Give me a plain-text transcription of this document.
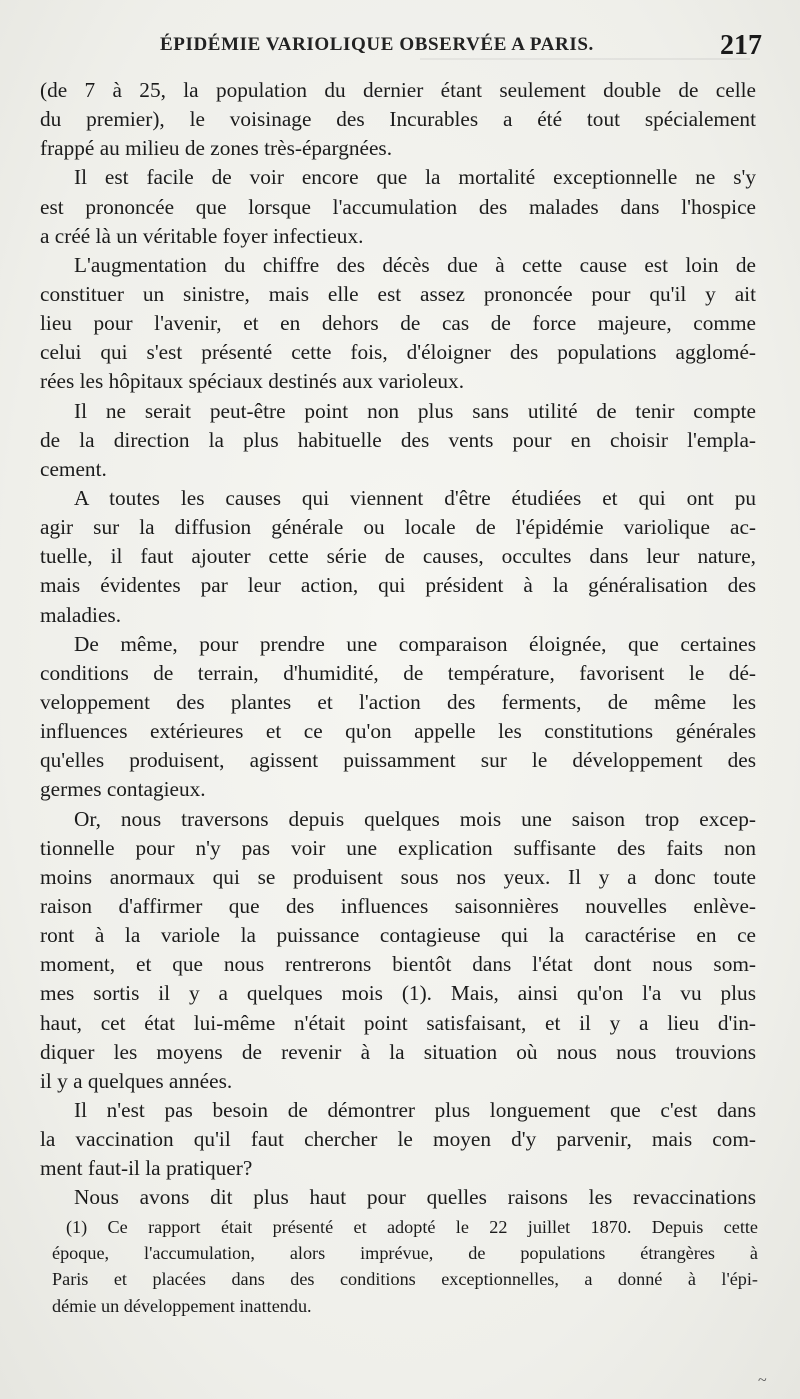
ÉPIDÉMIE VARIOLIQUE OBSERVÉE A PARIS.	217
(de 7 à 25, la population du dernier étant seulement double de celle
du premier), le voisinage des Incurables a été tout spécialement
frappé au milieu de zones très-épargnées.
Il est facile de voir encore que la mortalité exceptionnelle ne s'y
est prononcée que lorsque l'accumulation des malades dans l'hospice
a créé là un véritable foyer infectieux.
L'augmentation du chiffre des décès due à cette cause est loin de
constituer un sinistre, mais elle est assez prononcée pour qu'il y ait
lieu pour l'avenir, et en dehors de cas de force majeure, comme
celui qui s'est présenté cette fois, d'éloigner des populations agglomé-
rées les hôpitaux spéciaux destinés aux varioleux.
Il ne serait peut-être point non plus sans utilité de tenir compte
de la direction la plus habituelle des vents pour en choisir l'empla-
cement.
A toutes les causes qui viennent d'être étudiées et qui ont pu
agir sur la diffusion générale ou locale de l'épidémie variolique ac-
tuelle, il faut ajouter cette série de causes, occultes dans leur nature,
mais évidentes par leur action, qui président à la généralisation des
maladies.
De même, pour prendre une comparaison éloignée, que certaines
conditions de terrain, d'humidité, de température, favorisent le dé-
veloppement des plantes et l'action des ferments, de même les
influences extérieures et ce qu'on appelle les constitutions générales
qu'elles produisent, agissent puissamment sur le développement des
germes contagieux.
Or, nous traversons depuis quelques mois une saison trop excep-
tionnelle pour n'y pas voir une explication suffisante des faits non
moins anormaux qui se produisent sous nos yeux. Il y a donc toute
raison d'affirmer que des influences saisonnières nouvelles enlève-
ront à la variole la puissance contagieuse qui la caractérise en ce
moment, et que nous rentrerons bientôt dans l'état dont nous som-
mes sortis il y a quelques mois (1). Mais, ainsi qu'on l'a vu plus
haut, cet état lui-même n'était point satisfaisant, et il y a lieu d'in-
diquer les moyens de revenir à la situation où nous nous trouvions
il y a quelques années.
Il n'est pas besoin de démontrer plus longuement que c'est dans
la vaccination qu'il faut chercher le moyen d'y parvenir, mais com-
ment faut-il la pratiquer?
Nous avons dit plus haut pour quelles raisons les revaccinations
(1) Ce rapport était présenté et adopté le 22 juillet 1870. Depuis cette
époque, l'accumulation, alors imprévue, de populations étrangères à
Paris et placées dans des conditions exceptionnelles, a donné à l'épi-
démie un développement inattendu.
~
